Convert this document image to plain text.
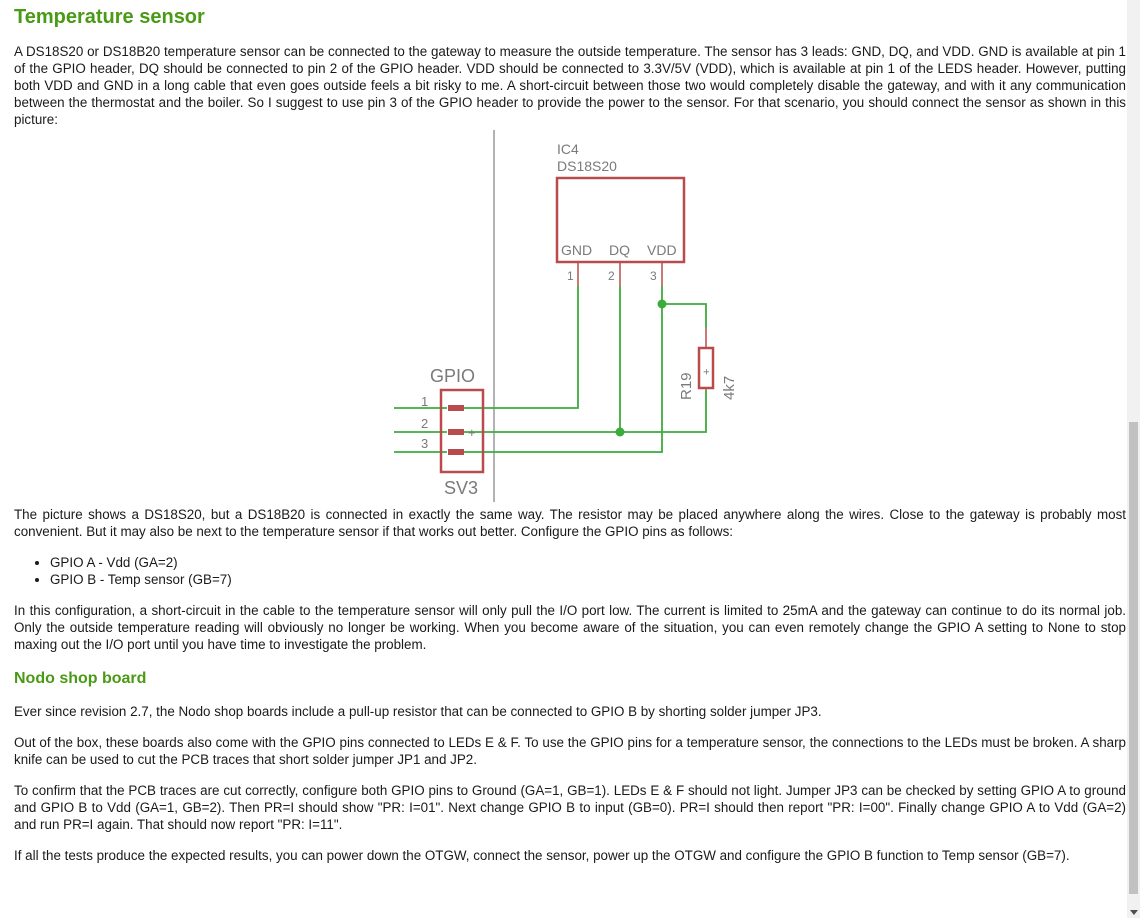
Temperature sensor

A DS18S20 or DS18B20 temperature sensor can be connected to the gateway to measure the outside temperature. The sensor has 3 leads: GND, DQ, and VDD. GND is available at pin 1 of the GPIO header, DQ should be connected to pin 2 of the GPIO header. VDD should be connected to 3.3V/5V (VDD), which is available at pin 1 of the LEDS header. However, putting both VDD and GND in a long cable that even goes outside feels a bit risky to me. A short-circuit between those two would completely disable the gateway, and with it any communication between the thermostat and the boiler. So I suggest to use pin 3 of the GPIO header to provide the power to the sensor. For that scenario, you should connect the sensor as shown in this picture:

IC4
DS18S20
GND DQ VDD
1	2	3
R19 4k7
+
+
GPIO
SV3
1
2
3

The picture shows a DS18S20, but a DS18B20 is connected in exactly the same way. The resistor may be placed anywhere along the wires. Close to the gateway is probably most convenient. But it may also be next to the temperature sensor if that works out better. Configure the GPIO pins as follows:

• GPIO A - Vdd (GA=2)
• GPIO B - Temp sensor (GB=7)

In this configuration, a short-circuit in the cable to the temperature sensor will only pull the I/O port low. The current is limited to 25mA and the gateway can continue to do its normal job. Only the outside temperature reading will obviously no longer be working. When you become aware of the situation, you can even remotely change the GPIO A setting to None to stop maxing out the I/O port until you have time to investigate the problem.

Nodo shop board

Ever since revision 2.7, the Nodo shop boards include a pull-up resistor that can be connected to GPIO B by shorting solder jumper JP3.

Out of the box, these boards also come with the GPIO pins connected to LEDs E & F. To use the GPIO pins for a temperature sensor, the connections to the LEDs must be broken. A sharp knife can be used to cut the PCB traces that short solder jumper JP1 and JP2.

To confirm that the PCB traces are cut correctly, configure both GPIO pins to Ground (GA=1, GB=1). LEDs E & F should not light. Jumper JP3 can be checked by setting GPIO A to ground and GPIO B to Vdd (GA=1, GB=2). Then PR=I should show "PR: I=01". Next change GPIO B to input (GB=0). PR=I should then report "PR: I=00". Finally change GPIO A to Vdd (GA=2) and run PR=I again. That should now report "PR: I=11".

If all the tests produce the expected results, you can power down the OTGW, connect the sensor, power up the OTGW and configure the GPIO B function to Temp sensor (GB=7).
